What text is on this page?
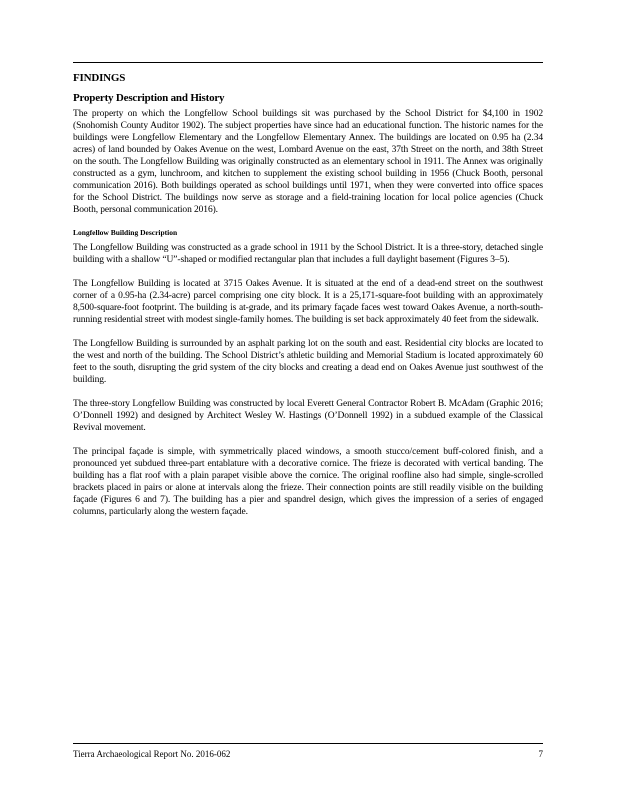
FINDINGS
Property Description and History

The property on which the Longfellow School buildings sit was purchased by the School District for $4,100 in 1902 (Snohomish County Auditor 1902). The subject properties have since had an educational function. The historic names for the buildings were Longfellow Elementary and the Longfellow Elementary Annex. The buildings are located on 0.95 ha (2.34 acres) of land bounded by Oakes Avenue on the west, Lombard Avenue on the east, 37th Street on the north, and 38th Street on the south. The Longfellow Building was originally constructed as an elementary school in 1911. The Annex was originally constructed as a gym, lunchroom, and kitchen to supplement the existing school building in 1956 (Chuck Booth, personal communication 2016). Both buildings operated as school buildings until 1971, when they were converted into office spaces for the School District. The buildings now serve as storage and a field-training location for local police agencies (Chuck Booth, personal communication 2016).

Longfellow Building Description

The Longfellow Building was constructed as a grade school in 1911 by the School District. It is a three-story, detached single building with a shallow “U”-shaped or modified rectangular plan that includes a full daylight basement (Figures 3–5).

The Longfellow Building is located at 3715 Oakes Avenue. It is situated at the end of a dead-end street on the southwest corner of a 0.95-ha (2.34-acre) parcel comprising one city block. It is a 25,171-square-foot building with an approximately 8,500-square-foot footprint. The building is at-grade, and its primary façade faces west toward Oakes Avenue, a north-south-running residential street with modest single-family homes. The building is set back approximately 40 feet from the sidewalk.

The Longfellow Building is surrounded by an asphalt parking lot on the south and east. Residential city blocks are located to the west and north of the building. The School District’s athletic building and Memorial Stadium is located approximately 60 feet to the south, disrupting the grid system of the city blocks and creating a dead end on Oakes Avenue just southwest of the building.

The three-story Longfellow Building was constructed by local Everett General Contractor Robert B. McAdam (Graphic 2016; O’Donnell 1992) and designed by Architect Wesley W. Hastings (O’Donnell 1992) in a subdued example of the Classical Revival movement.

The principal façade is simple, with symmetrically placed windows, a smooth stucco/cement buff-colored finish, and a pronounced yet subdued three-part entablature with a decorative cornice. The frieze is decorated with vertical banding. The building has a flat roof with a plain parapet visible above the cornice. The original roofline also had simple, single-scrolled brackets placed in pairs or alone at intervals along the frieze. Their connection points are still readily visible on the building façade (Figures 6 and 7). The building has a pier and spandrel design, which gives the impression of a series of engaged columns, particularly along the western façade.

Tierra Archaeological Report No. 2016-062	7
